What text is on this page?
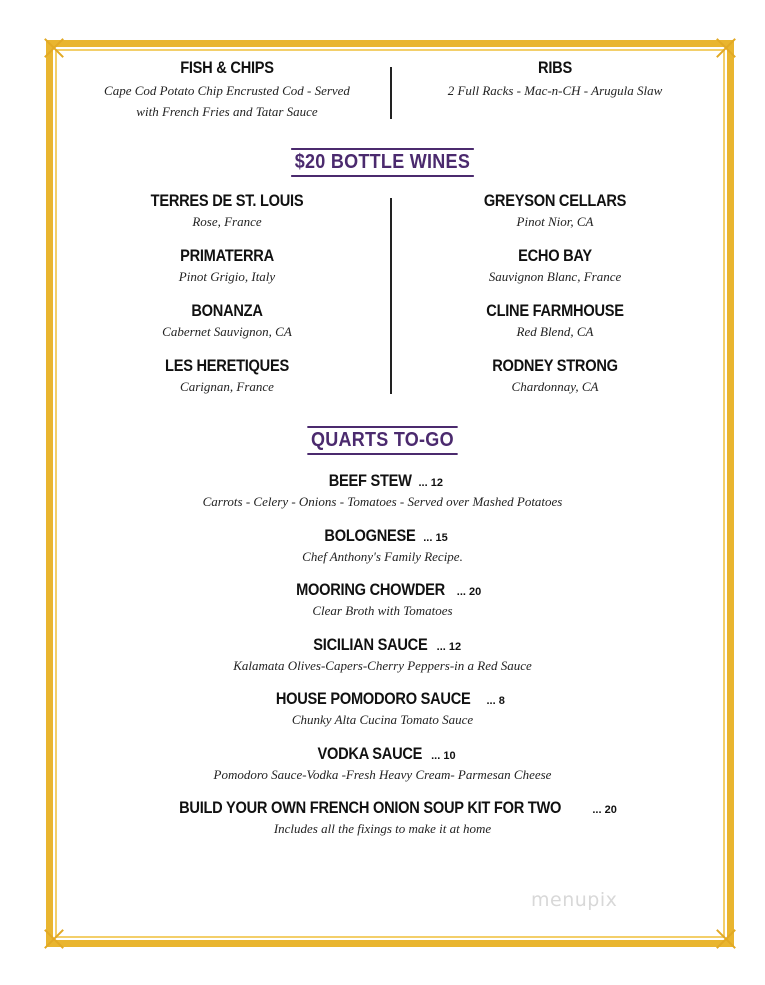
FISH & CHIPS
Cape Cod Potato Chip Encrusted Cod - Served
with French Fries and Tatar Sauce
RIBS
2 Full Racks - Mac-n-CH - Arugula Slaw
$20 BOTTLE WINES
TERRES DE ST. LOUIS
Rose, France
PRIMATERRA
Pinot Grigio, Italy
BONANZA
Cabernet Sauvignon, CA
LES HERETIQUES
Carignan, France
GREYSON CELLARS
Pinot Nior, CA
ECHO BAY
Sauvignon Blanc, France
CLINE FARMHOUSE
Red Blend, CA
RODNEY STRONG
Chardonnay, CA
QUARTS TO-GO
BEEF STEW ... 12
Carrots - Celery - Onions - Tomatoes - Served over Mashed Potatoes
BOLOGNESE ... 15
Chef Anthony's Family Recipe.
MOORING CHOWDER ... 20
Clear Broth with Tomatoes
SICILIAN SAUCE ... 12
Kalamata Olives-Capers-Cherry Peppers-in a Red Sauce
HOUSE POMODORO SAUCE ... 8
Chunky Alta Cucina Tomato Sauce
VODKA SAUCE ... 10
Pomodoro Sauce-Vodka -Fresh Heavy Cream- Parmesan Cheese
BUILD YOUR OWN FRENCH ONION SOUP KIT FOR TWO	... 20
Includes all the fixings to make it at home
menupix
